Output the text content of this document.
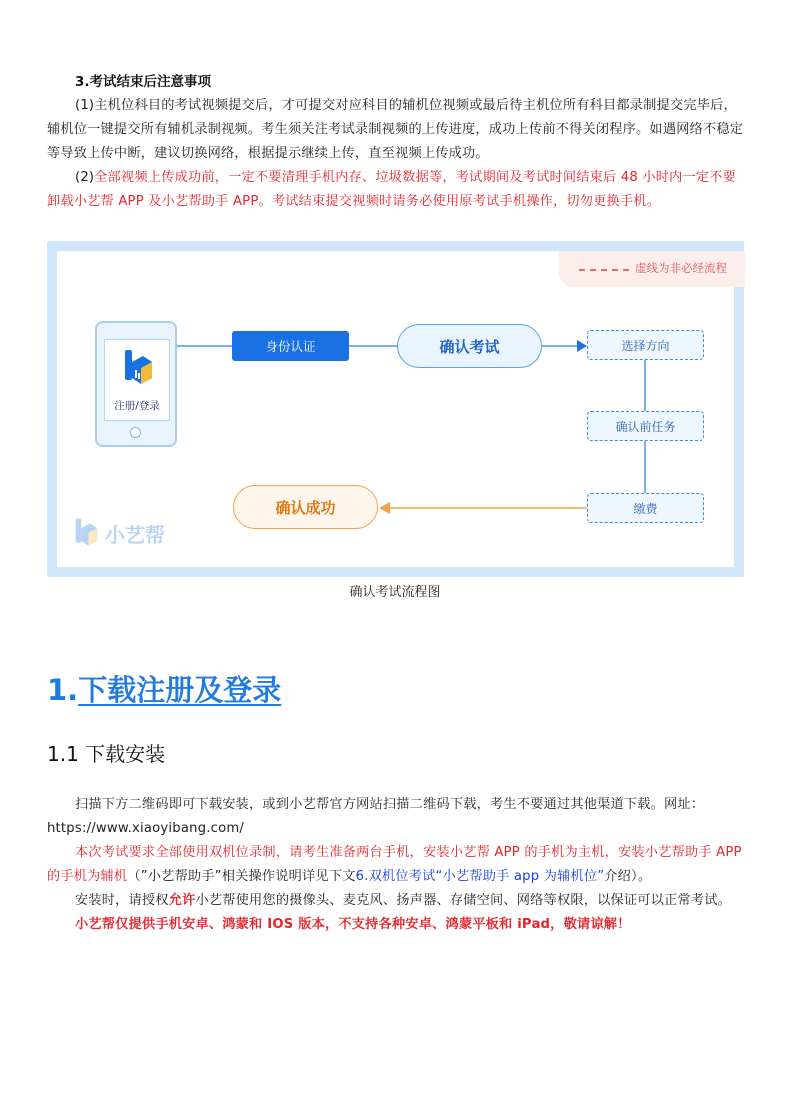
3.考试结束后注意事项
(1)主机位科目的考试视频提交后，才可提交对应科目的辅机位视频或最后待主机位所有科目都录制提交完毕后，辅机位一键提交所有辅机录制视频。考生须关注考试录制视频的上传进度，成功上传前不得关闭程序。如遇网络不稳定等导致上传中断，建议切换网络，根据提示继续上传，直至视频上传成功。
(2)全部视频上传成功前，一定不要清理手机内存、垃圾数据等，考试期间及考试时间结束后 48 小时内一定不要卸载小艺帮 APP 及小艺帮助手 APP。考试结束提交视频时请务必使用原考试手机操作，切勿更换手机。
虚线为非必经流程
注册/登录
身份认证	确认考试	选择方向
确认前任务
缴费
确认成功
小艺帮
确认考试流程图
1.下载注册及登录
1.1 下载安装
扫描下方二维码即可下载安装，或到小艺帮官方网站扫描二维码下载，考生不要通过其他渠道下载。网址：https://www.xiaoyibang.com/
本次考试要求全部使用双机位录制，请考生准备两台手机，安装小艺帮 APP 的手机为主机，安装小艺帮助手 APP 的手机为辅机（”小艺帮助手”相关操作说明详见下文6.双机位考试“小艺帮助手 app 为辅机位”介绍）。
安装时，请授权允许小艺帮使用您的摄像头、麦克风、扬声器、存储空间、网络等权限，以保证可以正常考试。
小艺帮仅提供手机安卓、鸿蒙和 IOS 版本，不支持各种安卓、鸿蒙平板和 iPad，敬请谅解！
